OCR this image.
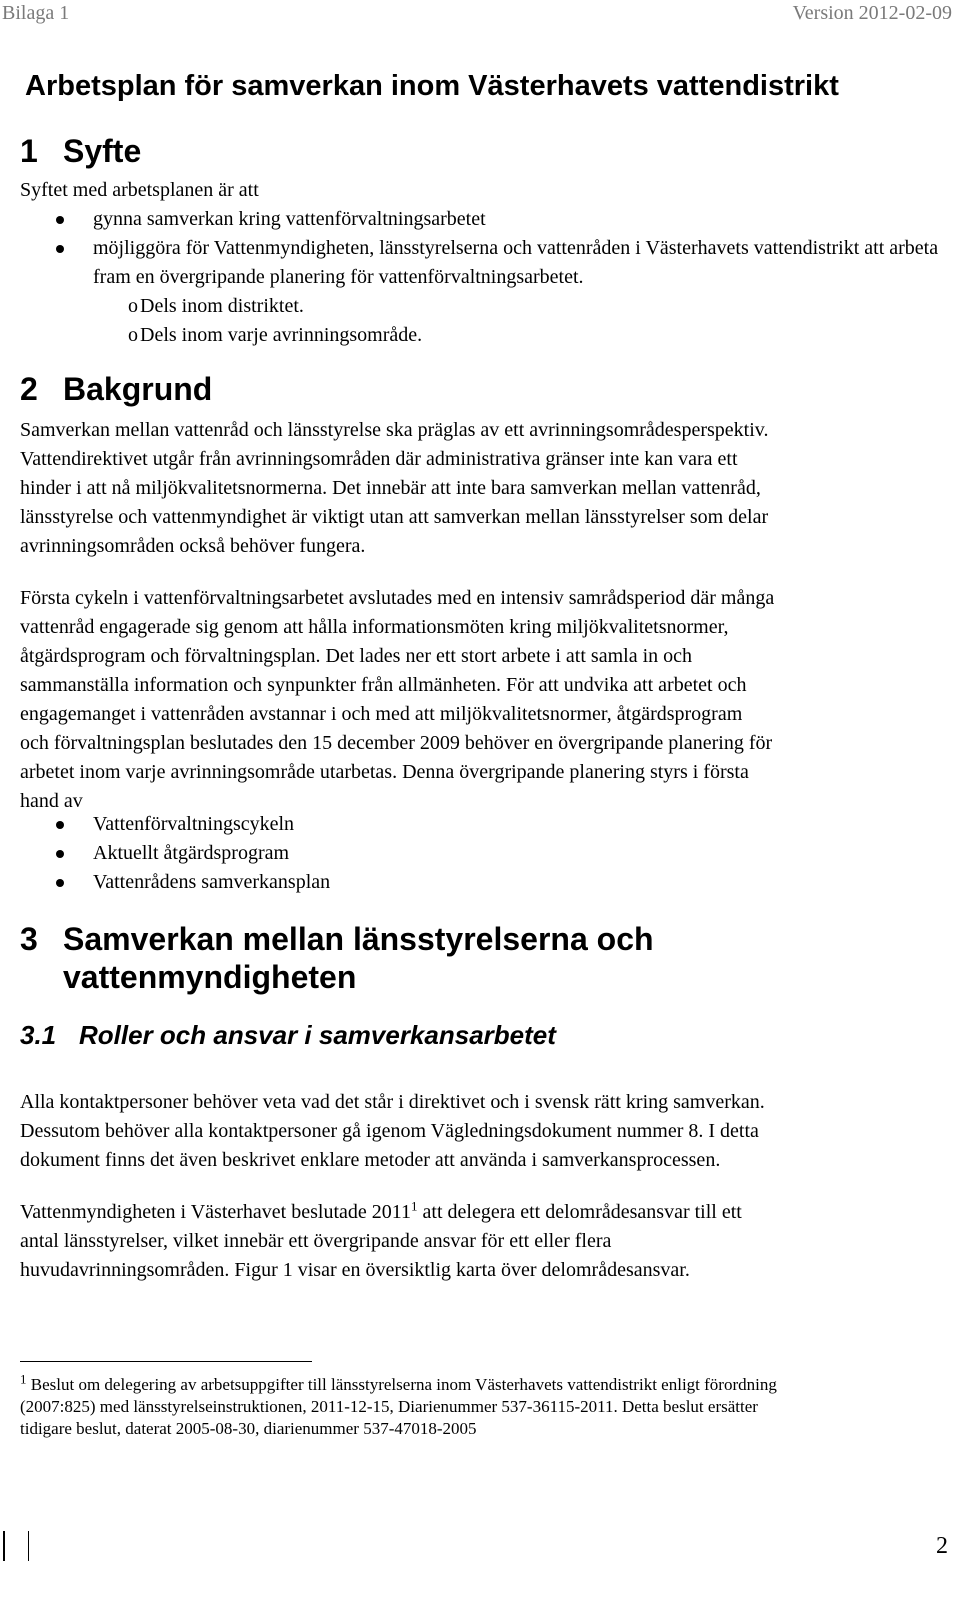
Bilaga 1	Version 2012-02-09
Arbetsplan för samverkan inom Västerhavets vattendistrikt
1 Syfte

Syftet med arbetsplanen är att

gynna samverkan kring vattenförvaltningsarbetet
möjliggöra för Vattenmyndigheten, länsstyrelserna och vattenråden i Västerhavets vattendistrikt att arbeta fram en övergripande planering för vattenförvaltningsarbetet.
o Dels inom distriktet.
o Dels inom varje avrinningsområde.
2 Bakgrund
Samverkan mellan vattenråd och länsstyrelse ska präglas av ett avrinningsområdesperspektiv.
Vattendirektivet utgår från avrinningsområden där administrativa gränser inte kan vara ett
hinder i att nå miljökvalitetsnormerna. Det innebär att inte bara samverkan mellan vattenråd,
länsstyrelse och vattenmyndighet är viktigt utan att samverkan mellan länsstyrelser som delar
avrinningsområden också behöver fungera.
Första cykeln i vattenförvaltningsarbetet avslutades med en intensiv samrådsperiod där många
vattenråd engagerade sig genom att hålla informationsmöten kring miljökvalitetsnormer,
åtgärdsprogram och förvaltningsplan. Det lades ner ett stort arbete i att samla in och
sammanställa information och synpunkter från allmänheten. För att undvika att arbetet och
engagemanget i vattenråden avstannar i och med att miljökvalitetsnormer, åtgärdsprogram
och förvaltningsplan beslutades den 15 december 2009 behöver en övergripande planering för
arbetet inom varje avrinningsområde utarbetas. Denna övergripande planering styrs i första
hand av
Vattenförvaltningscykeln
Aktuellt åtgärdsprogram
Vattenrådens samverkansplan
3 Samverkan mellan länsstyrelserna och
vattenmyndigheten
3.1 Roller och ansvar i samverkansarbetet
Alla kontaktpersoner behöver veta vad det står i direktivet och i svensk rätt kring samverkan.
Dessutom behöver alla kontaktpersoner gå igenom Vägledningsdokument nummer 8. I detta
dokument finns det även beskrivet enklare metoder att använda i samverkansprocessen.
Vattenmyndigheten i Västerhavet beslutade 2011$^1$ att delegera ett delområdesansvar till ett
antal länsstyrelser, vilket innebär ett övergripande ansvar för ett eller flera
huvudavrinningsområden. Figur 1 visar en översiktlig karta över delområdesansvar.
$^1$ Beslut om delegering av arbetsuppgifter till länsstyrelserna inom Västerhavets vattendistrikt enligt förordning
(2007:825) med länsstyrelseinstruktionen, 2011-12-15, Diarienummer 537-36115-2011. Detta beslut ersätter
tidigare beslut, daterat 2005-08-30, diarienummer 537-47018-2005
2
